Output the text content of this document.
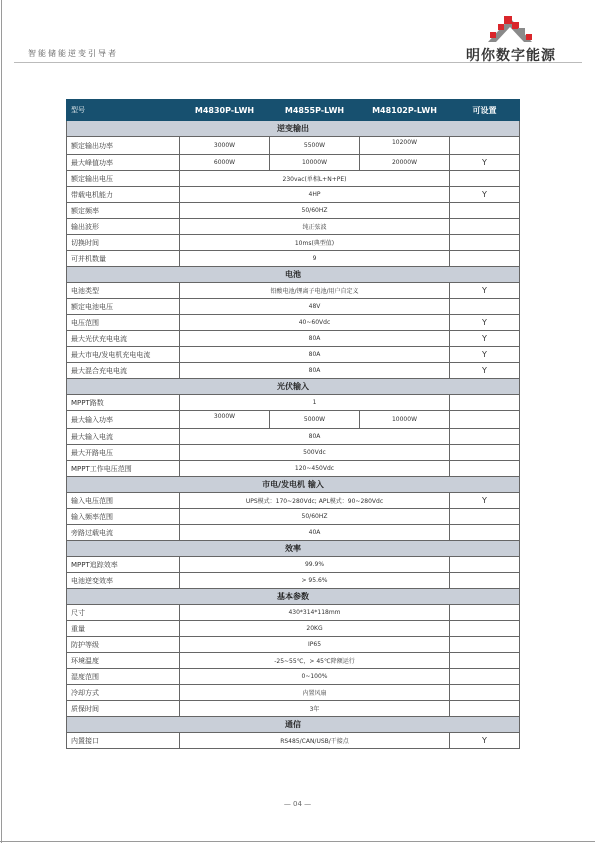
智能储能逆变引导者	明你数字能源
型号	M4830P-LWH	M4855P-LWH	M48102P-LWH	可设置
逆变输出				
额定输出功率	3000W	5500W	10200W	
最大峰值功率	6000W	10000W	20000W	Y
额定输出电压	230vac(单相L+N+PE)			
带载电机能力	4HP			Y
额定频率	50/60HZ			
输出波形	纯正弦波			
切换时间	10ms(典型值)			
可并机数量	9			
电池				
电池类型	铅酸电池/锂离子电池/用户自定义			Y
额定电池电压	48V			
电压范围	40~60Vdc			Y
最大光伏充电电流	80A			Y
最大市电/发电机充电电流	80A			Y
最大混合充电电流	80A			Y
光伏输入				
MPPT路数	1			
最大输入功率	3000W	5000W	10000W	
最大输入电流	80A			
最大开路电压	500Vdc			
MPPT工作电压范围	120~450Vdc			
市电/发电机 输入				
输入电压范围	UPS模式：170~280Vdc; APL模式：90~280Vdc			Y
输入频率范围	50/60HZ			
旁路过载电流	40A			
效率				
MPPT追踪效率	99.9%			
电池逆变效率	> 95.6%			
基本参数				
尺寸	430*314*118mm			
重量	20KG			
防护等级	IP65			
环境温度	-25~55℃，> 45℃降额运行			
湿度范围	0~100%			
冷却方式	内置风扇			
质保时间	3年			
通信				
内置接口	RS485/CAN/USB/干接点			Y
— 04 —
